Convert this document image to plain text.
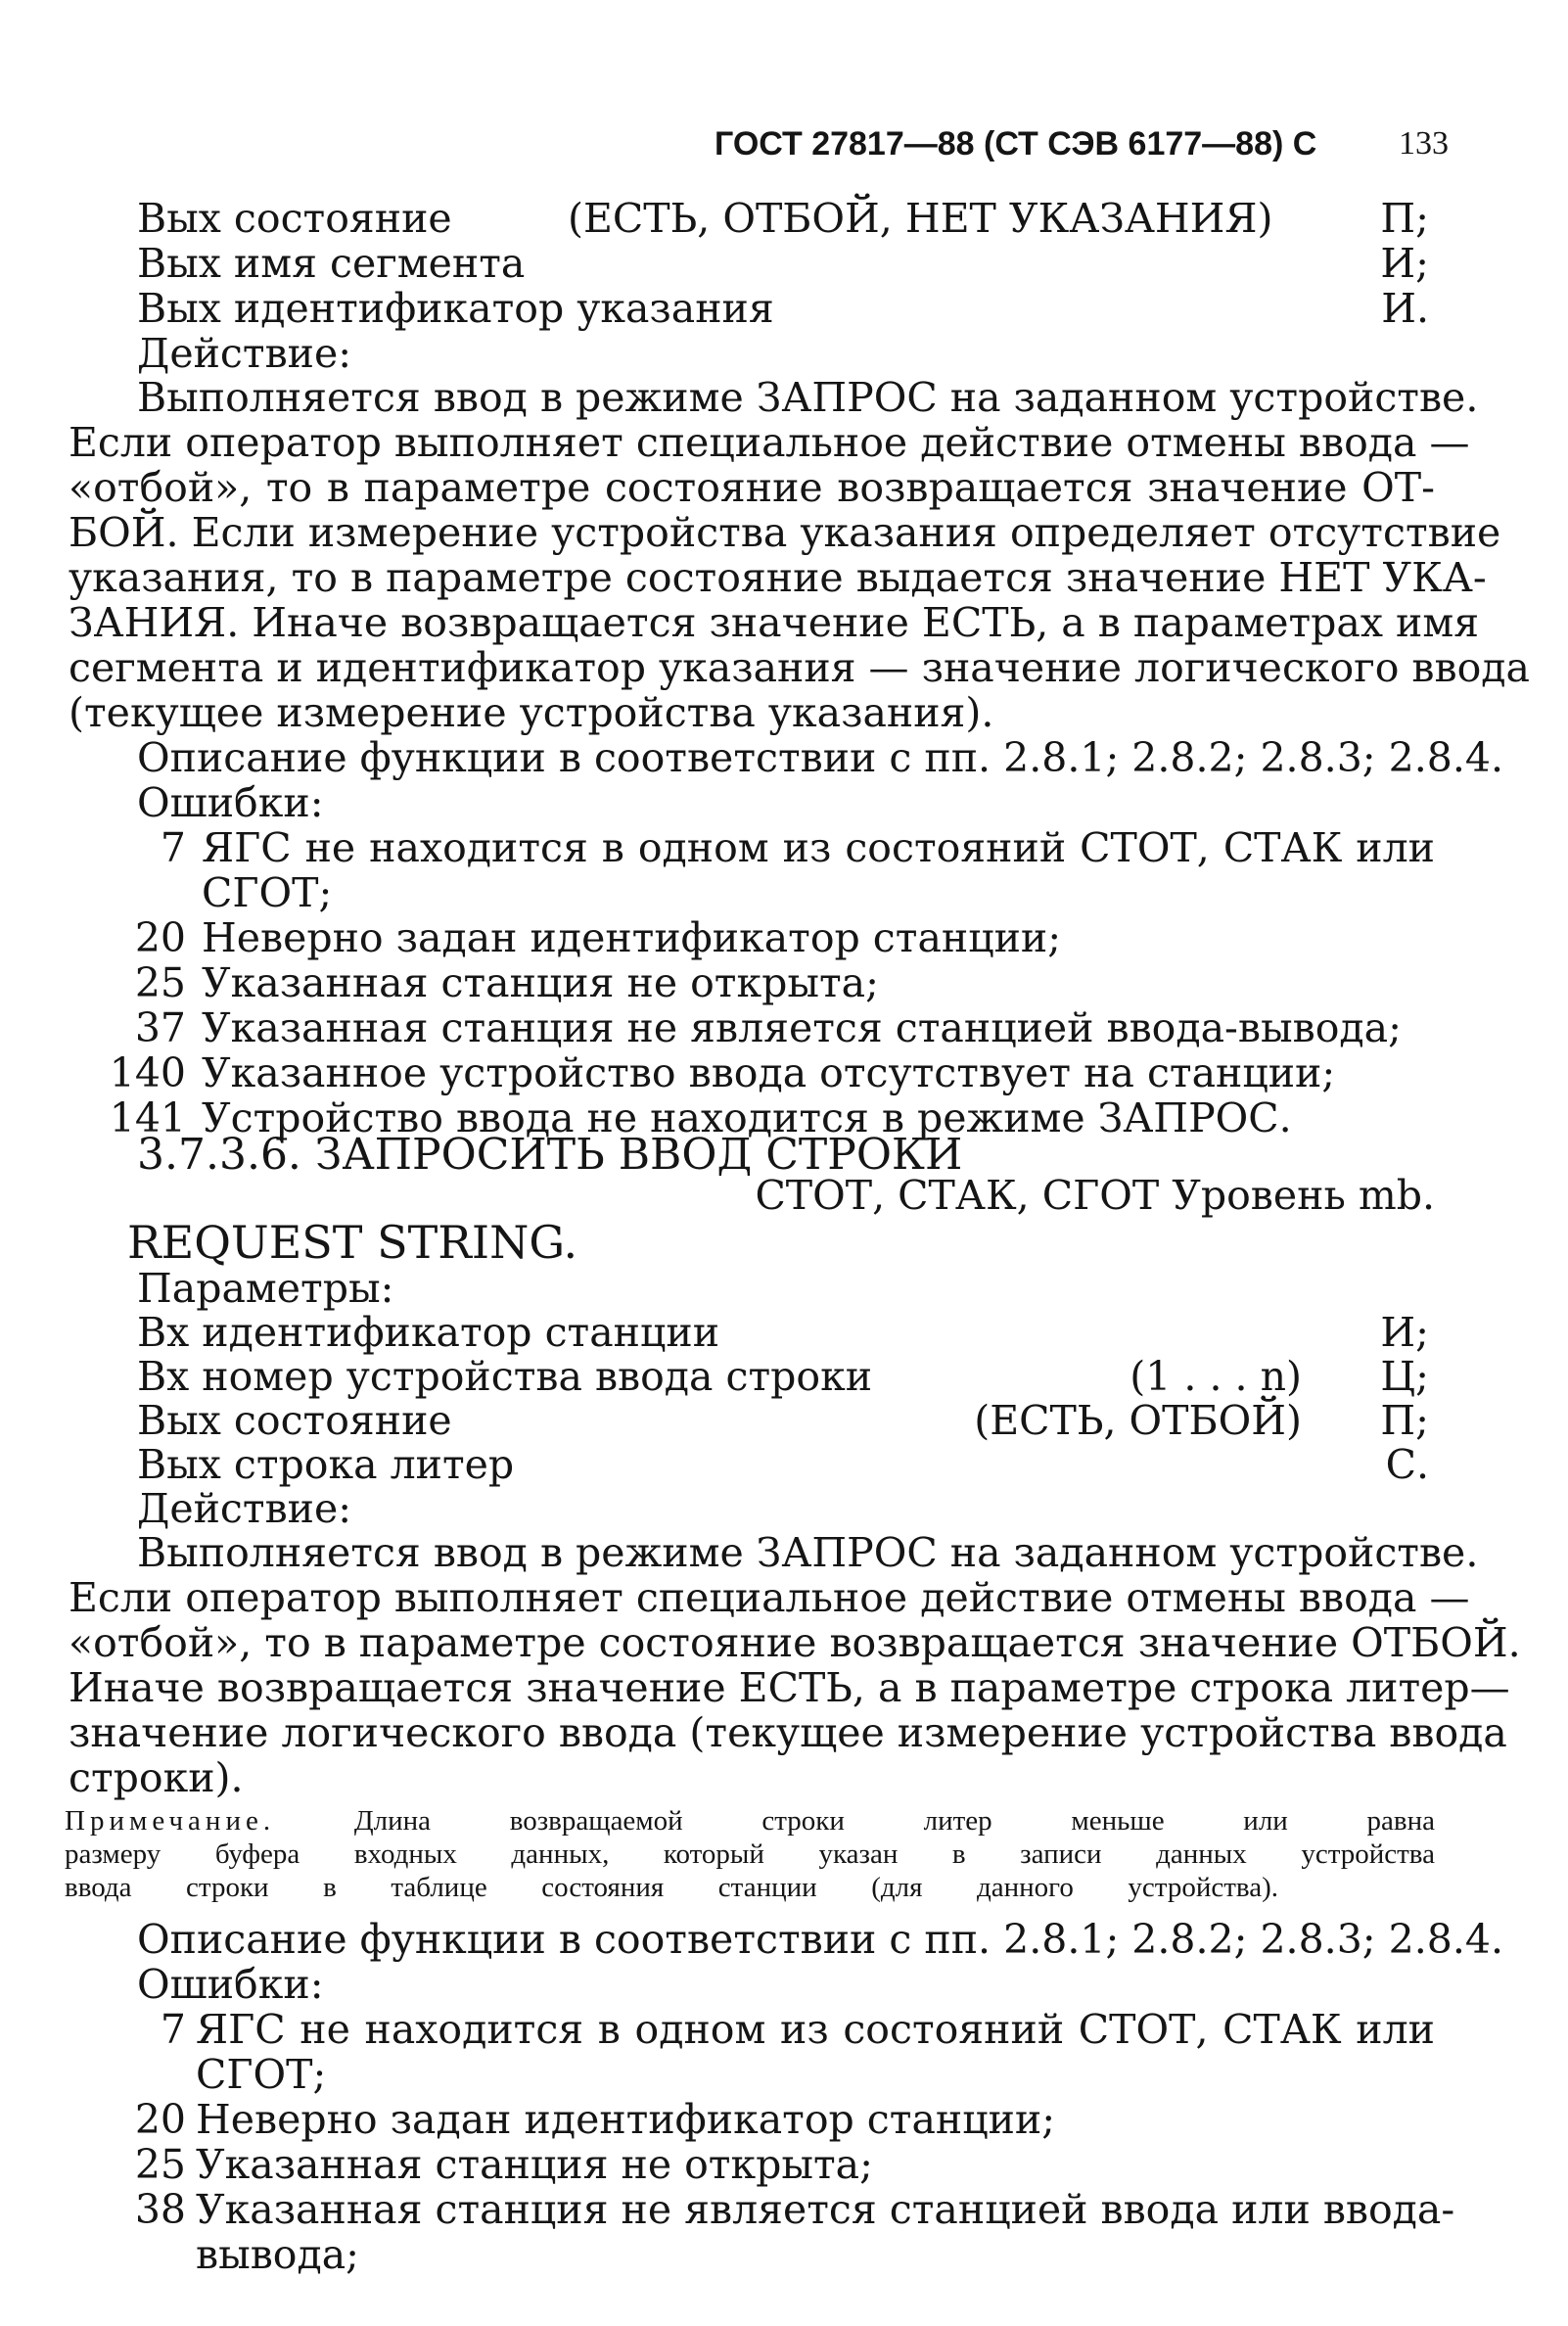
ГОСТ 27817—88 (СТ СЭВ 6177—88) С 133
Вых состояние	(ЕСТЬ, ОТБОЙ, НЕТ УКАЗАНИЯ)	П;
Вых имя сегмента	И;
Вых идентификатор указания	И.
Действие:
Выполняется ввод в режиме ЗАПРОС на заданном устройстве.
Если оператор выполняет специальное действие отмены ввода —
«отбой», то в параметре состояние возвращается значение ОТ-
БОЙ. Если измерение устройства указания определяет отсутствие
указания, то в параметре состояние выдается значение НЕТ УКА-
ЗАНИЯ. Иначе возвращается значение ЕСТЬ, а в параметрах имя
сегмента и идентификатор указания — значение логического ввода
(текущее измерение устройства указания).
Описание функции в соответствии с пп. 2.8.1; 2.8.2; 2.8.3; 2.8.4.
Ошибки:
7 ЯГС не находится в одном из состояний СТОТ, СТАК или
СГОТ;
20 Неверно задан идентификатор станции;
25 Указанная станция не открыта;
37 Указанная станция не является станцией ввода-вывода;
140 Указанное устройство ввода отсутствует на станции;
141 Устройство ввода не находится в режиме ЗАПРОС.
3.7.3.6. ЗАПРОСИТЬ ВВОД СТРОКИ
СТОТ, СТАК, СГОТ Уровень mb.
REQUEST STRING.
Параметры:
Вх идентификатор станции	И;
Вх номер устройства ввода строки	(1 . . . n)	Ц;
Вых состояние	(ЕСТЬ, ОТБОЙ)	П;
Вых строка литер	С.
Действие:
Выполняется ввод в режиме ЗАПРОС на заданном устройстве.
Если оператор выполняет специальное действие отмены ввода —
«отбой», то в параметре состояние возвращается значение ОТБОЙ.
Иначе возвращается значение ЕСТЬ, а в параметре строка литер—
значение логического ввода (текущее измерение устройства ввода
строки).
Примечание.	Длина возвращаемой строки литер меньше или равна
размеру буфера входных данных, который указан в записи данных устройства
ввода строки в таблице состояния станции (для данного устройства).
Описание функции в соответствии с пп. 2.8.1; 2.8.2; 2.8.3; 2.8.4.
Ошибки:
7 ЯГС не находится в одном из состояний СТОТ, СТАК или
СГОТ;
20 Неверно задан идентификатор станции;
25 Указанная станция не открыта;
38 Указанная станция не является станцией ввода или ввода-
вывода;
